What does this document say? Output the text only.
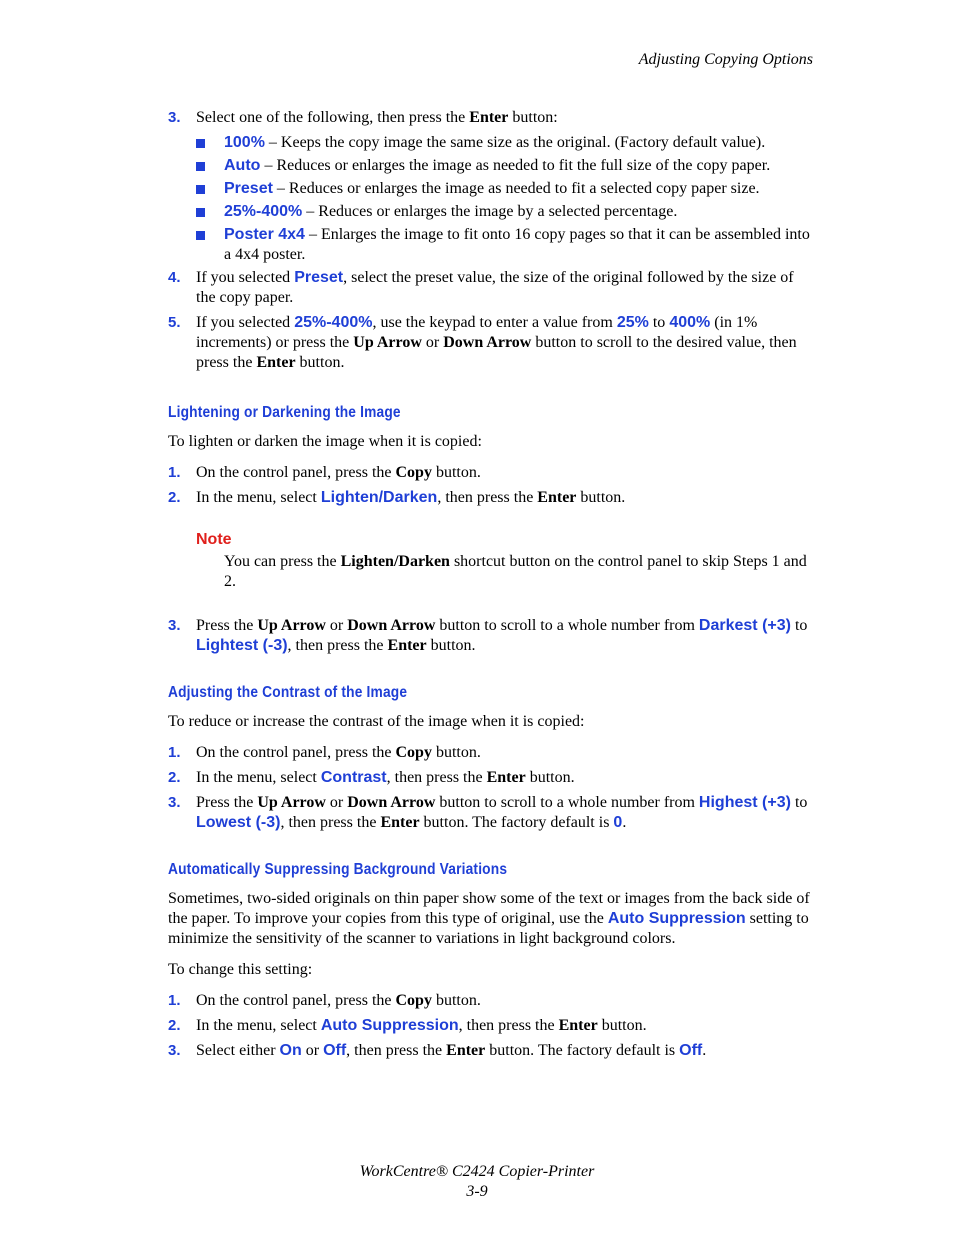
Adjusting Copying Options
3. Select one of the following, then press the Enter button:
100% – Keeps the copy image the same size as the original. (Factory default value).
Auto – Reduces or enlarges the image as needed to fit the full size of the copy paper.
Preset – Reduces or enlarges the image as needed to fit a selected copy paper size.
25%-400% – Reduces or enlarges the image by a selected percentage.
Poster 4x4 – Enlarges the image to fit onto 16 copy pages so that it can be assembled into a 4x4 poster.
4. If you selected Preset, select the preset value, the size of the original followed by the size of the copy paper.
5. If you selected 25%-400%, use the keypad to enter a value from 25% to 400% (in 1% increments) or press the Up Arrow or Down Arrow button to scroll to the desired value, then press the Enter button.
Lightening or Darkening the Image

To lighten or darken the image when it is copied:

1. On the control panel, press the Copy button.
2. In the menu, select Lighten/Darken, then press the Enter button.
Note

You can press the Lighten/Darken shortcut button on the control panel to skip Steps 1 and 2.

3. Press the Up Arrow or Down Arrow button to scroll to a whole number from Darkest (+3) to Lightest (-3), then press the Enter button.
Adjusting the Contrast of the Image

To reduce or increase the contrast of the image when it is copied:

1. On the control panel, press the Copy button.
2. In the menu, select Contrast, then press the Enter button.
3. Press the Up Arrow or Down Arrow button to scroll to a whole number from Highest (+3) to Lowest (-3), then press the Enter button. The factory default is 0.
Automatically Suppressing Background Variations

Sometimes, two-sided originals on thin paper show some of the text or images from the back side of the paper. To improve your copies from this type of original, use the Auto Suppression setting to minimize the sensitivity of the scanner to variations in light background colors.

To change this setting:

1. On the control panel, press the Copy button.
2. In the menu, select Auto Suppression, then press the Enter button.
3. Select either On or Off, then press the Enter button. The factory default is Off.
WorkCentre® C2424 Copier-Printer
3-9
